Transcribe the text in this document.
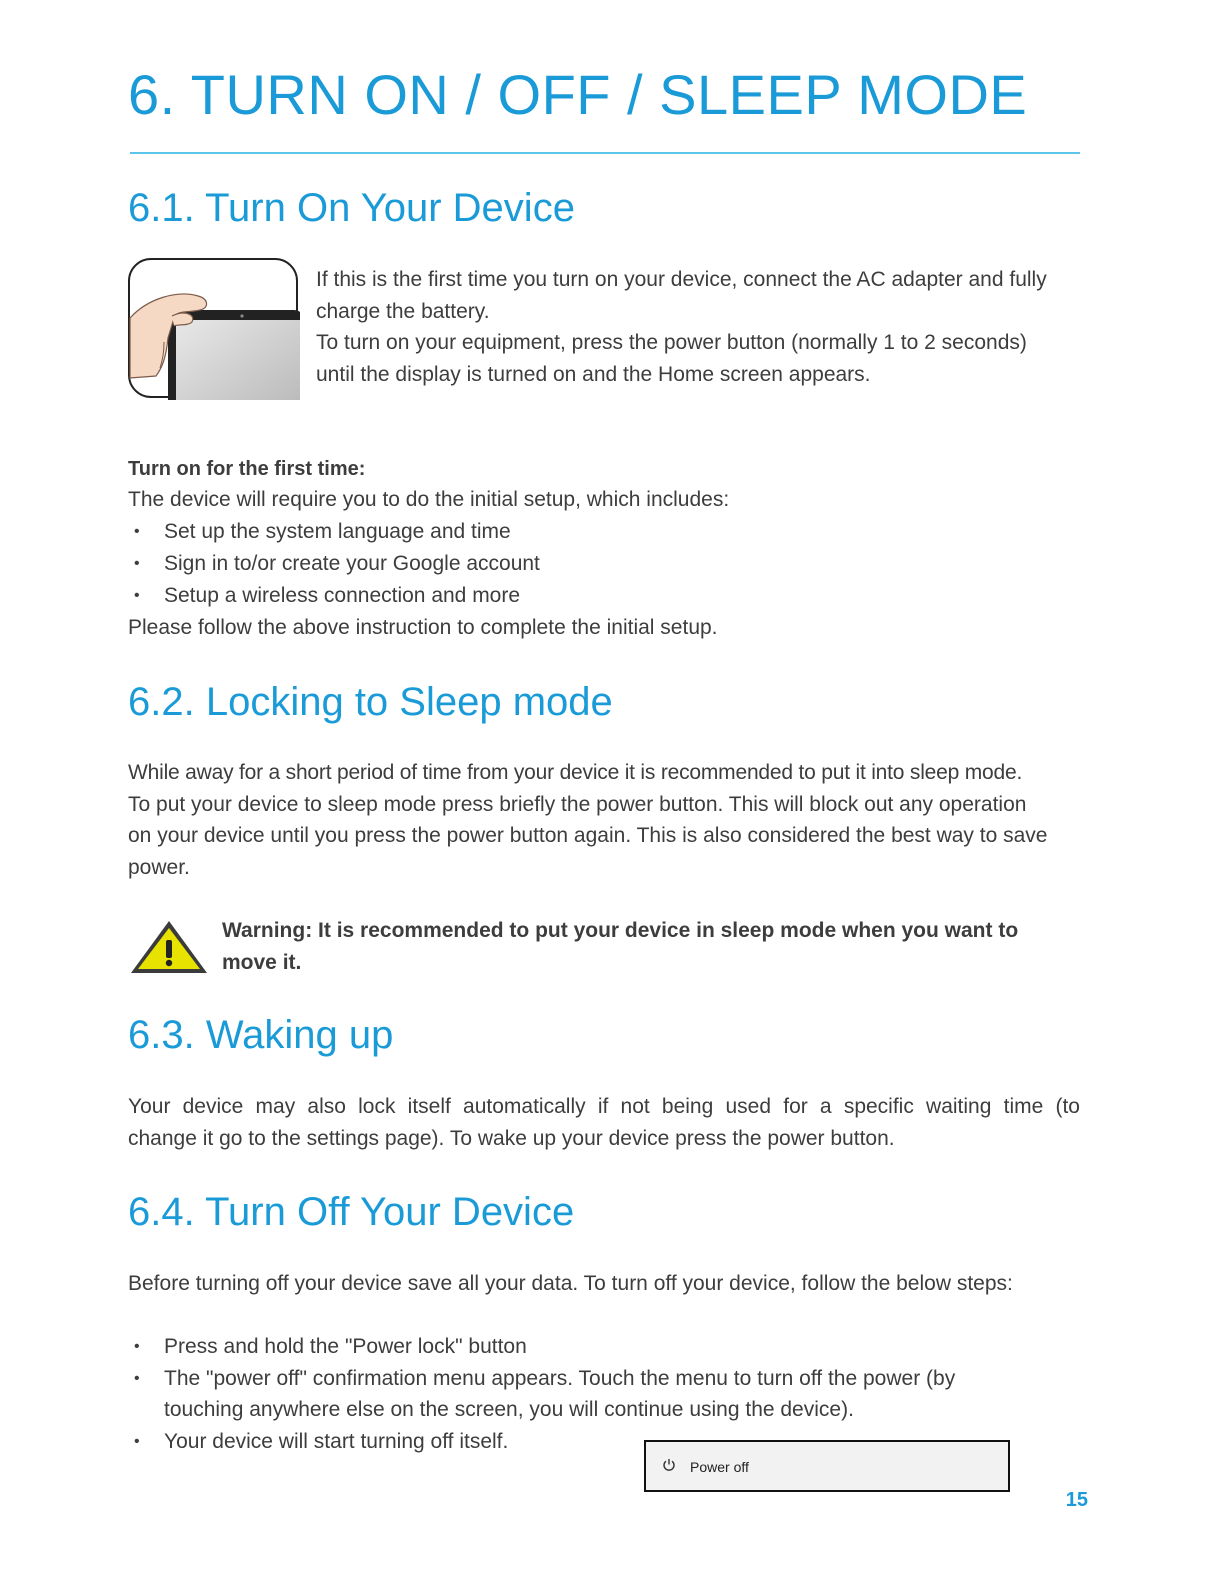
6. TURN ON / OFF / SLEEP MODE
6.1. Turn On Your Device
If this is the first time you turn on your device, connect the AC adapter and fully
charge the battery.
To turn on your equipment, press the power button (normally 1 to 2 seconds)
until the display is turned on and the Home screen appears.
Turn on for the first time:
The device will require you to do the initial setup, which includes:
• Set up the system language and time
• Sign in to/or create your Google account
• Setup a wireless connection and more
Please follow the above instruction to complete the initial setup.
6.2. Locking to Sleep mode
While away for a short period of time from your device it is recommended to put it into sleep mode.
To put your device to sleep mode press briefly the power button. This will block out any operation
on your device until you press the power button again. This is also considered the best way to save
power.
Warning: It is recommended to put your device in sleep mode when you want to
move it.
6.3. Waking up
Your device may also lock itself automatically if not being used for a specific waiting time (to
change it go to the settings page). To wake up your device press the power button.
6.4. Turn Off Your Device
Before turning off your device save all your data. To turn off your device, follow the below steps:
• Press and hold the "Power lock" button
• The "power off" confirmation menu appears. Touch the menu to turn off the power (by
touching anywhere else on the screen, you will continue using the device).
• Your device will start turning off itself.
Power off
15
